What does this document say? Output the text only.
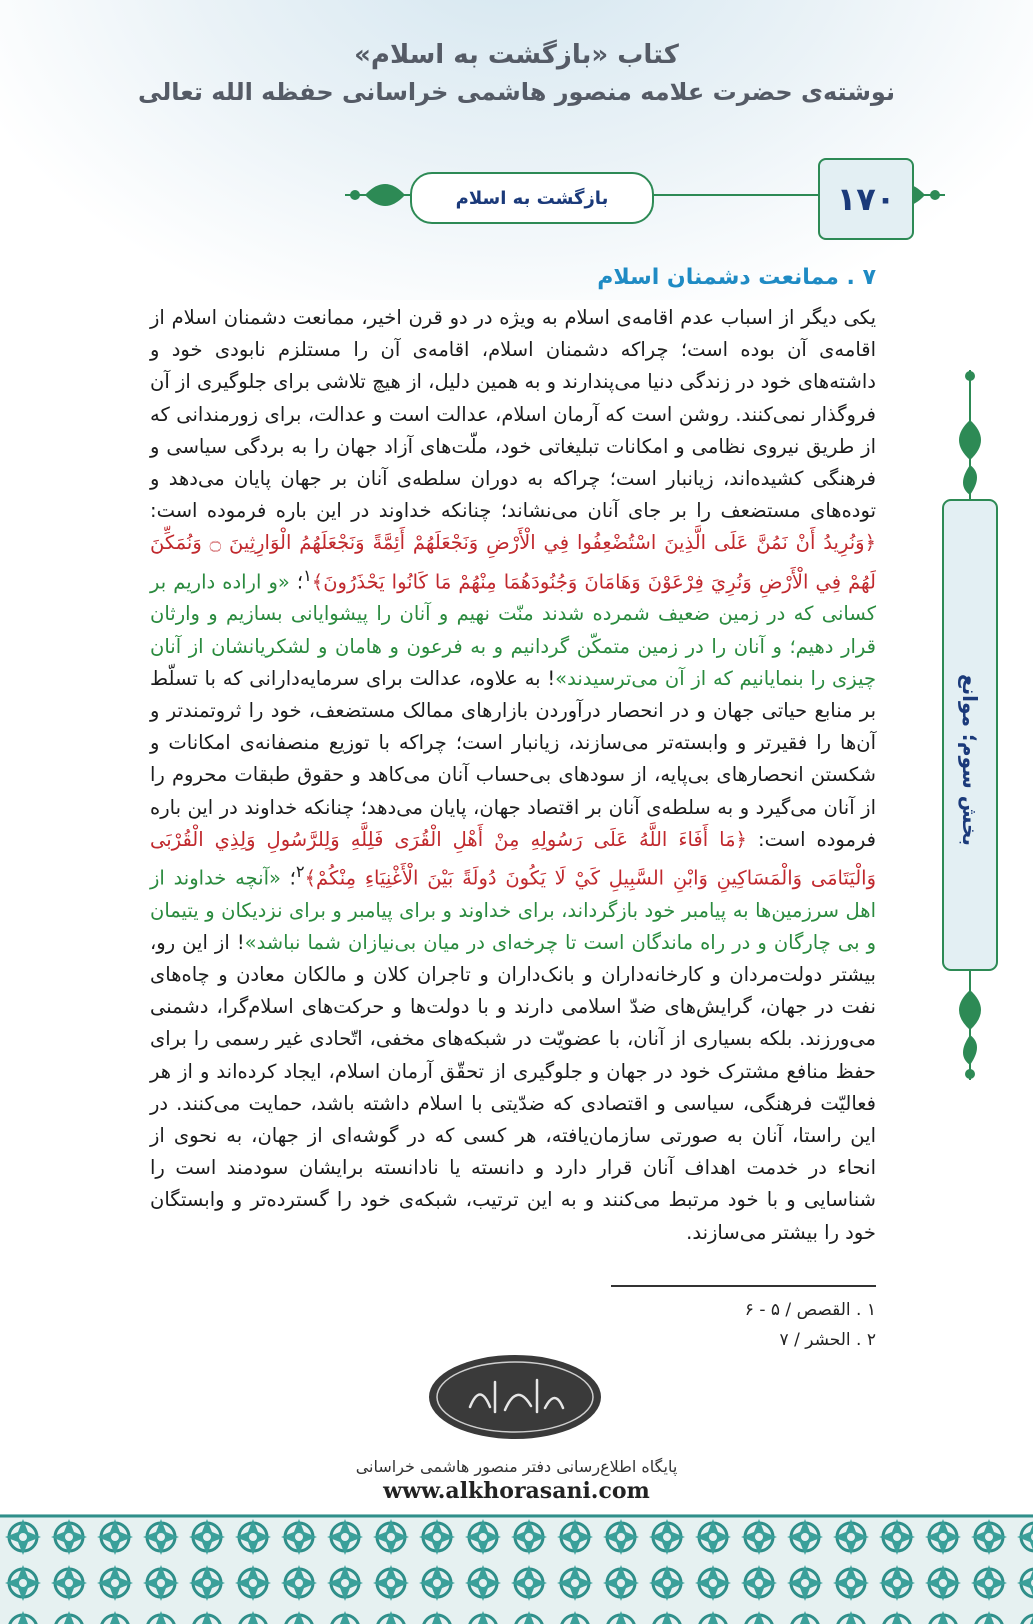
کتاب «بازگشت به اسلام»
نوشته‌ی حضرت علامه منصور هاشمی خراسانی حفظه الله تعالی
بازگشت به اسلام	۱۷۰
بخش سوم؛ موانع
۷ . ممانعت دشمنان اسلام
یکی دیگر از اسباب عدم اقامه‌ی اسلام به ویژه در دو قرن اخیر، ممانعت دشمنان اسلام از اقامه‌ی آن بوده است؛ چراکه دشمنان اسلام، اقامه‌ی آن را مستلزم نابودی خود و داشته‌های خود در زندگی دنیا می‌پندارند و به همین دلیل، از هیچ تلاشی برای جلوگیری از آن فروگذار نمی‌کنند. روشن است که آرمان اسلام، عدالت است و عدالت، برای زورمندانی که از طریق نیروی نظامی و امکانات تبلیغاتی خود، ملّت‌های آزاد جهان را به بردگی سیاسی و فرهنگی کشیده‌اند، زیانبار است؛ چراکه به دوران سلطه‌ی آنان بر جهان پایان می‌دهد و توده‌های مستضعف را بر جای آنان می‌نشاند؛ چنانکه خداوند در این باره فرموده است: ﴿وَنُرِيدُ أَنْ نَمُنَّ عَلَى الَّذِينَ اسْتُضْعِفُوا فِي الْأَرْضِ وَنَجْعَلَهُمْ أَئِمَّةً وَنَجْعَلَهُمُ الْوَارِثِينَ ۝ وَنُمَكِّنَ لَهُمْ فِي الْأَرْضِ وَنُرِيَ فِرْعَوْنَ وَهَامَانَ وَجُنُودَهُمَا مِنْهُمْ مَا كَانُوا يَحْذَرُونَ﴾$^۱$؛ «و اراده داریم بر کسانی که در زمین ضعیف شمرده شدند منّت نهیم و آنان را پیشوایانی بسازیم و وارثان قرار دهیم؛ و آنان را در زمین متمکّن گردانیم و به فرعون و هامان و لشکریانشان از آنان چیزی را بنمایانیم که از آن می‌ترسیدند»! به علاوه، عدالت برای سرمایه‌دارانی که با تسلّط بر منابع حیاتی جهان و در انحصار درآوردن بازارهای ممالک مستضعف، خود را ثروتمندتر و آن‌ها را فقیرتر و وابسته‌تر می‌سازند، زیانبار است؛ چراکه با توزیع منصفانه‌ی امکانات و شکستن انحصارهای بی‌پایه، از سودهای بی‌حساب آنان می‌کاهد و حقوق طبقات محروم را از آنان می‌گیرد و به سلطه‌ی آنان بر اقتصاد جهان، پایان می‌دهد؛ چنانکه خداوند در این باره فرموده است: ﴿مَا أَفَاءَ اللَّهُ عَلَى رَسُولِهِ مِنْ أَهْلِ الْقُرَى فَلِلَّهِ وَلِلرَّسُولِ وَلِذِي الْقُرْبَى وَالْيَتَامَى وَالْمَسَاكِينِ وَابْنِ السَّبِيلِ كَيْ لَا يَكُونَ دُولَةً بَيْنَ الْأَغْنِيَاءِ مِنْكُمْ﴾$^۲$؛ «آنچه خداوند از اهل سرزمین‌ها به پیامبر خود بازگرداند، برای خداوند و برای پیامبر و برای نزدیکان و یتیمان و بی چارگان و در راه ماندگان است تا چرخه‌ای در میان بی‌نیازان شما نباشد»! از این رو، بیشتر دولت‌مردان و کارخانه‌داران و بانک‌داران و تاجران کلان و مالکان معادن و چاه‌های نفت در جهان، گرایش‌های ضدّ اسلامی دارند و با دولت‌ها و حرکت‌های اسلام‌گرا، دشمنی می‌ورزند. بلکه بسیاری از آنان، با عضویّت در شبکه‌های مخفی، اتّحادی غیر رسمی را برای حفظ منافع مشترک خود در جهان و جلوگیری از تحقّق آرمان اسلام، ایجاد کرده‌اند و از هر فعالیّت فرهنگی، سیاسی و اقتصادی که ضدّیتی با اسلام داشته باشد، حمایت می‌کنند. در این راستا، آنان به صورتی سازمان‌یافته، هر کسی که در گوشه‌ای از جهان، به نحوی از انحاء در خدمت اهداف آنان قرار دارد و دانسته یا نادانسته برایشان سودمند است را شناسایی و با خود مرتبط می‌کنند و به این ترتیب، شبکه‌ی خود را گسترده‌تر و وابستگان خود را بیشتر می‌سازند.
۱ . القصص / ۵ - ۶
۲ . الحشر / ۷
پایگاه اطلاع‌رسانی دفتر منصور هاشمی خراسانی
www.alkhorasani.com
